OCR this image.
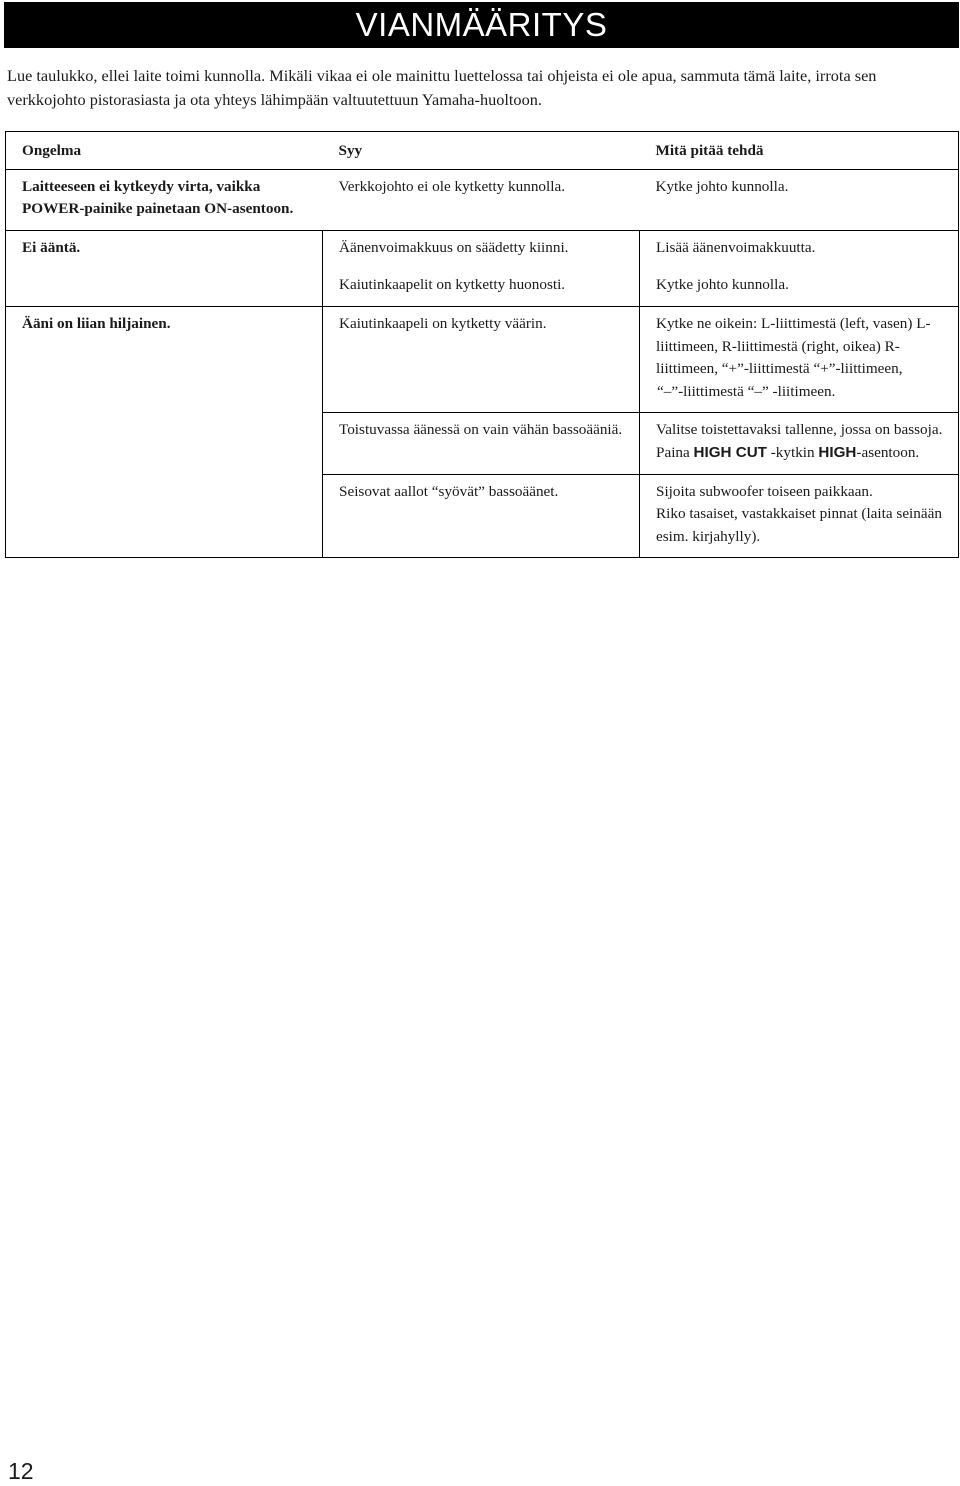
VIANMÄÄRITYS

Lue taulukko, ellei laite toimi kunnolla. Mikäli vikaa ei ole mainittu luettelossa tai ohjeista ei ole apua, sammuta tämä laite, irrota sen verkkojohto pistorasiasta ja ota yhteys lähimpään valtuutettuun Yamaha-huoltoon.

Ongelma	Syy	Mitä pitää tehdä
Laitteeseen ei kytkeydy virta, vaikka POWER-painike painetaan ON-asentoon.	Verkkojohto ei ole kytketty kunnolla.	Kytke johto kunnolla.
Ei ääntä.	Äänenvoimakkuus on säädetty kiinni.	Lisää äänenvoimakkuutta.
	Kaiutinkaapelit on kytketty huonosti.	Kytke johto kunnolla.
Ääni on liian hiljainen.	Kaiutinkaapeli on kytketty väärin.	Kytke ne oikein: L-liittimestä (left, vasen) L-liittimeen, R-liittimestä (right, oikea) R-liittimeen, “+”-liittimestä “+”-liittimeen,
“–”-liittimestä “–” -liitimeen.

	Toistuvassa äänessä on vain vähän bassoääniä.	Valitse toistettavaksi tallenne, jossa on bassoja.
Paina HIGH CUT -kytkin HIGH-asentoon.
	Seisovat aallot “syövät” bassoäänet.	Sijoita subwoofer toiseen paikkaan.
Riko tasaiset, vastakkaiset pinnat (laita seinään esim. kirjahylly).
12
